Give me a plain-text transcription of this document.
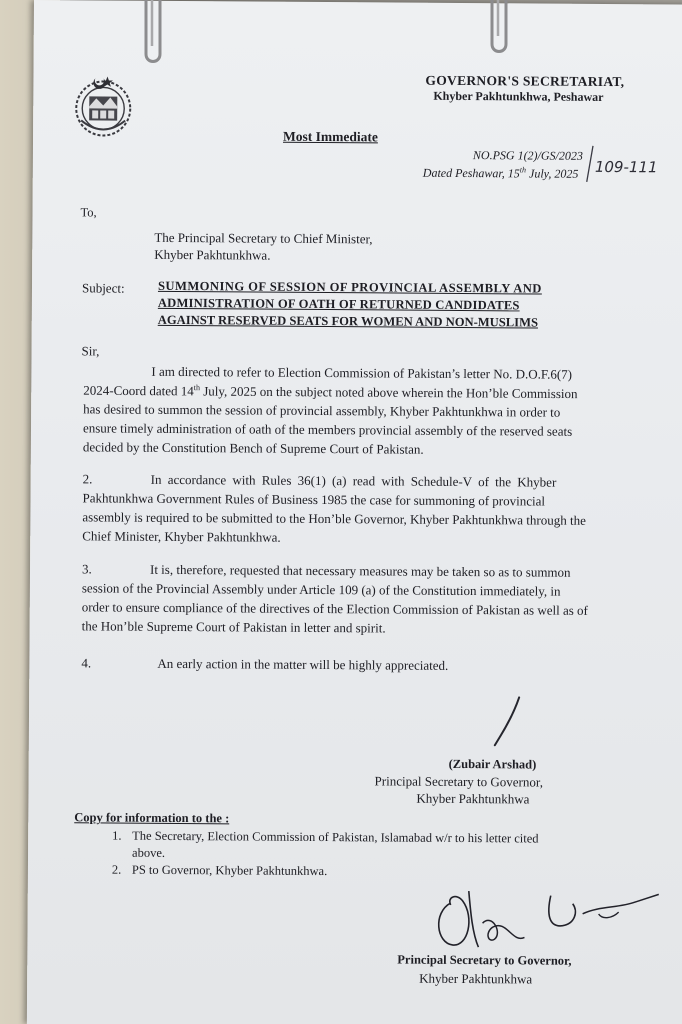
GOVERNOR'S SECRETARIAT,
Khyber Pakhtunkhwa, Peshawar
Most Immediate
NO.PSG 1(2)/GS/2023
Dated Peshawar, 15th July, 2025 109-111
To,
The Principal Secretary to Chief Minister,
Khyber Pakhtunkhwa.
Subject:	SUMMONING OF SESSION OF PROVINCIAL ASSEMBLY AND
ADMINISTRATION OF OATH OF RETURNED CANDIDATES
AGAINST RESERVED SEATS FOR WOMEN AND NON-MUSLIMS
Sir,
I am directed to refer to Election Commission of Pakistan’s letter No. D.O.F.6(7)
2024-Coord dated 14th July, 2025 on the subject noted above wherein the Hon’ble Commission
has desired to summon the session of provincial assembly, Khyber Pakhtunkhwa in order to
ensure timely administration of oath of the members provincial assembly of the reserved seats
decided by the Constitution Bench of Supreme Court of Pakistan.
2.	In accordance with Rules 36(1) (a) read with Schedule-V of the Khyber
Pakhtunkhwa Government Rules of Business 1985 the case for summoning of provincial
assembly is required to be submitted to the Hon’ble Governor, Khyber Pakhtunkhwa through the
Chief Minister, Khyber Pakhtunkhwa.
3.	It is, therefore, requested that necessary measures may be taken so as to summon
session of the Provincial Assembly under Article 109 (a) of the Constitution immediately, in
order to ensure compliance of the directives of the Election Commission of Pakistan as well as of
the Hon’ble Supreme Court of Pakistan in letter and spirit.
4.	An early action in the matter will be highly appreciated.
(Zubair Arshad)
Principal Secretary to Governor,
Khyber Pakhtunkhwa
Copy for information to the :
1. The Secretary, Election Commission of Pakistan, Islamabad w/r to his letter cited
above.
2. PS to Governor, Khyber Pakhtunkhwa.
Principal Secretary to Governor,
Khyber Pakhtunkhwa
